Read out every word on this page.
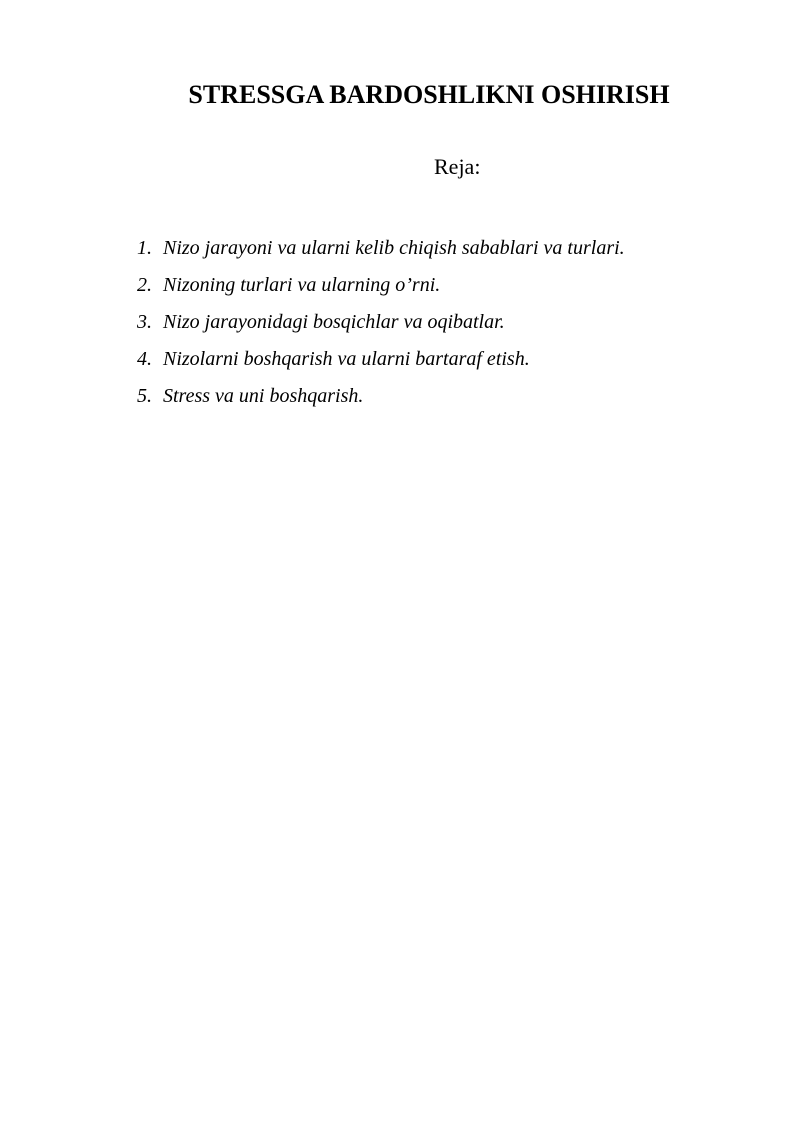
STRESSGA BARDOSHLIKNI OSHIRISH
Reja:
1. Nizo jarayoni va ularni kelib chiqish sabablari va turlari.
2. Nizoning turlari va ularning o’rni.
3. Nizo jarayonidagi bosqichlar va oqibatlar.
4. Nizolarni boshqarish va ularni bartaraf etish.
5. Stress va uni boshqarish.
